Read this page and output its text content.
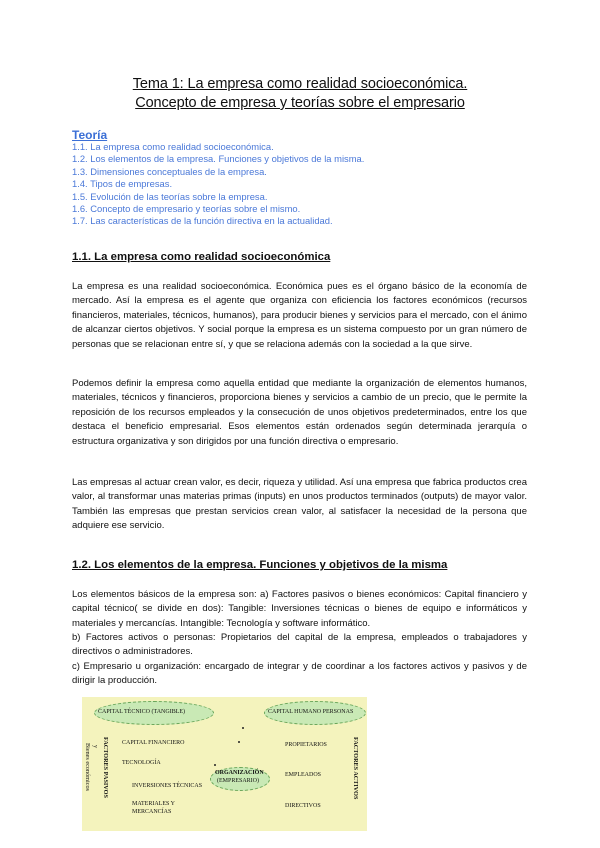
Tema 1: La empresa como realidad socioeconómica.
Concepto de empresa y teorías sobre el empresario
Teoría
1.1. La empresa como realidad socioeconómica.
1.2. Los elementos de la empresa. Funciones y objetivos de la misma.
1.3. Dimensiones conceptuales de la empresa.
1.4. Tipos de empresas.
1.5. Evolución de las teorías sobre la empresa.
1.6. Concepto de empresario y teorías sobre el mismo.
1.7. Las características de la función directiva en la actualidad.
1.1. La empresa como realidad socioeconómica

La empresa es una realidad socioeconómica. Económica pues es el órgano básico de la economía de mercado. Así la empresa es el agente que organiza con eficiencia los factores económicos (recursos financieros, materiales, técnicos, humanos), para producir bienes y servicios para el mercado, con el ánimo de alcanzar ciertos objetivos. Y social porque la empresa es un sistema compuesto por un gran número de personas que se relacionan entre sí, y que se relaciona además con la sociedad a la que sirve.

Podemos definir la empresa como aquella entidad que mediante la organización de elementos humanos, materiales, técnicos y financieros, proporciona bienes y servicios a cambio de un precio, que le permite la reposición de los recursos empleados y la consecución de unos objetivos predeterminados, entre los que destaca el beneficio empresarial. Esos elementos están ordenados según determinada jerarquía o estructura organizativa y son dirigidos por una función directiva o empresario.

Las empresas al actuar crean valor, es decir, riqueza y utilidad. Así una empresa que fabrica productos crea valor, al transformar unas materias primas (inputs) en unos productos terminados (outputs) de mayor valor. También las empresas que prestan servicios crean valor, al satisfacer la necesidad de la persona que adquiere ese servicio.

1.2. Los elementos de la empresa. Funciones y objetivos de la misma

Los elementos básicos de la empresa son: a) Factores pasivos o bienes económicos: Capital financiero y capital técnico( se divide en dos): Tangible: Inversiones técnicas o bienes de equipo e informáticos y materiales y mercancías. Intangible: Tecnología y software informático.

b) Factores activos o personas: Propietarios del capital de la empresa, empleados o trabajadores y directivos o administradores.

c) Empresario u organización: encargado de integrar y de coordinar a los factores activos y pasivos y de dirigir la producción.

CAPITAL TÉCNICO (TANGIBLE)	CAPITAL HUMANO PERSONAS
Bienes económicos y FACTORES PASIVOS CAPITAL FINANCIERO
TECNOLOGÍA
INVERSIONES TÉCNICAS
MATERIALES Y
MERCANCÍAS
ORGANIZACIÓN
(EMPRESARIO)
PROPIETARIOS
EMPLEADOS
DIRECTIVOS
FACTORES ACTIVOS
